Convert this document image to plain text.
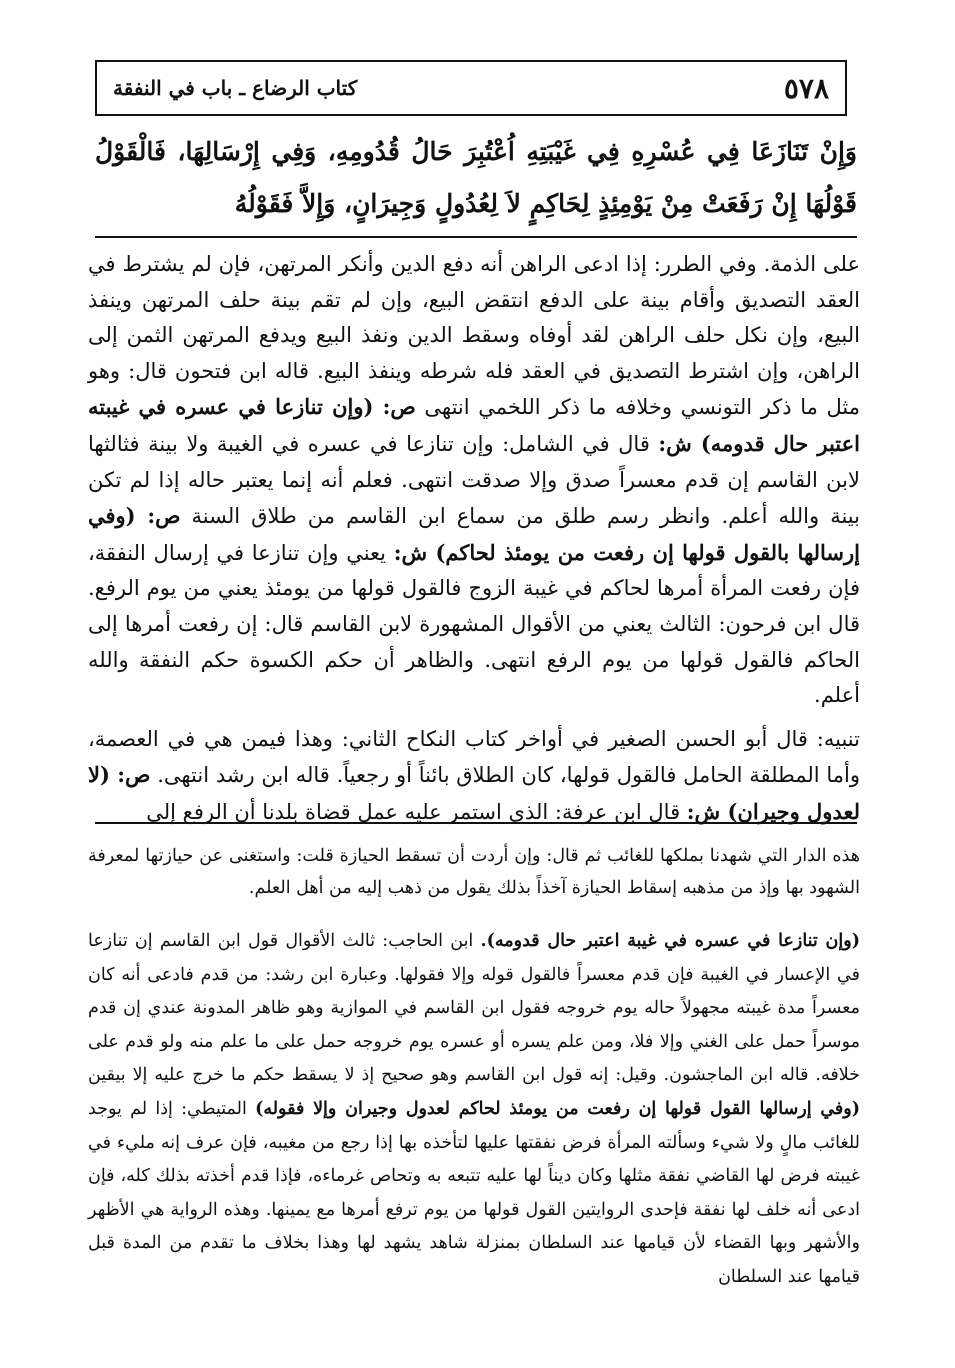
٥٧٨
كتاب الرضاع ـ باب في النفقة
وَإِنْ تَنَازَعَا فِي عُسْرِهِ فِي غَيْبَتِهِ اُعْتُبِرَ حَالُ قُدُومِهِ، وَفِي إِرْسَالِهَا، فَالْقَوْلُ قَوْلُهَا إِنْ رَفَعَتْ مِنْ يَوْمِئِذٍ لِحَاكِمٍ لاَ لِعُدُولٍ وَجِيرَانٍ، وَإِلاَّ فَقَوْلُهُ

على الذمة. وفي الطرر: إذا ادعى الراهن أنه دفع الدين وأنكر المرتهن، فإن لم يشترط في العقد التصديق وأقام بينة على الدفع انتقض البيع، وإن لم تقم بينة حلف المرتهن وينفذ البيع، وإن نكل حلف الراهن لقد أوفاه وسقط الدين ونفذ البيع ويدفع المرتهن الثمن إلى الراهن، وإن اشترط التصديق في العقد فله شرطه وينفذ البيع. قاله ابن فتحون قال: وهو مثل ما ذكر التونسي وخلافه ما ذكر اللخمي انتهى ص: (وإن تنازعا في عسره في غيبته اعتبر حال قدومه) ش: قال في الشامل: وإن تنازعا في عسره في الغيبة ولا بينة فثالثها لابن القاسم إن قدم معسراً صدق وإلا صدقت انتهى. فعلم أنه إنما يعتبر حاله إذا لم تكن بينة والله أعلم. وانظر رسم طلق من سماع ابن القاسم من طلاق السنة ص: (وفي إرسالها بالقول قولها إن رفعت من يومئذ لحاكم) ش: يعني وإن تنازعا في إرسال النفقة، فإن رفعت المرأة أمرها لحاكم في غيبة الزوج فالقول قولها من يومئذ يعني من يوم الرفع. قال ابن فرحون: الثالث يعني من الأقوال المشهورة لابن القاسم قال: إن رفعت أمرها إلى الحاكم فالقول قولها من يوم الرفع انتهى. والظاهر أن حكم الكسوة حكم النفقة والله أعلم.

تنبيه: قال أبو الحسن الصغير في أواخر كتاب النكاح الثاني: وهذا فيمن هي في العصمة، وأما المطلقة الحامل فالقول قولها، كان الطلاق بائناً أو رجعياً. قاله ابن رشد انتهى. ص: (لا لعدول وجيران) ش: قال ابن عرفة: الذي استمر عليه عمل قضاة بلدنا أن الرفع إلى

هذه الدار التي شهدنا بملكها للغائب ثم قال: وإن أردت أن تسقط الحيازة قلت: واستغنى عن حيازتها لمعرفة الشهود بها وإذ من مذهبه إسقاط الحيازة آخذاً بذلك يقول من ذهب إليه من أهل العلم.

(وإن تنازعا في عسره في غيبة اعتبر حال قدومه). ابن الحاجب: ثالث الأقوال قول ابن القاسم إن تنازعا في الإعسار في الغيبة فإن قدم معسراً فالقول قوله وإلا فقولها. وعبارة ابن رشد: من قدم فادعى أنه كان معسراً مدة غيبته مجهولاً حاله يوم خروجه فقول ابن القاسم في الموازية وهو ظاهر المدونة عندي إن قدم موسراً حمل على الغني وإلا فلا، ومن علم يسره أو عسره يوم خروجه حمل على ما علم منه ولو قدم على خلافه. قاله ابن الماجشون. وقيل: إنه قول ابن القاسم وهو صحيح إذ لا يسقط حكم ما خرج عليه إلا بيقين (وفي إرسالها القول قولها إن رفعت من يومئذ لحاكم لعدول وجيران وإلا فقوله) المتيطي: إذا لم يوجد للغائب مالٍ ولا شيء وسألته المرأة فرض نفقتها عليها لتأخذه بها إذا رجع من مغيبه، فإن عرف إنه مليء في غيبته فرض لها القاضي نفقة مثلها وكان ديناً لها عليه تتبعه به وتحاص غرماءه، فإذا قدم أخذته بذلك كله، فإن ادعى أنه خلف لها نفقة فإحدى الروايتين القول قولها من يوم ترفع أمرها مع يمينها. وهذه الرواية هي الأظهر والأشهر وبها القضاء لأن قيامها عند السلطان بمنزلة شاهد يشهد لها وهذا بخلاف ما تقدم من المدة قبل قيامها عند السلطان
